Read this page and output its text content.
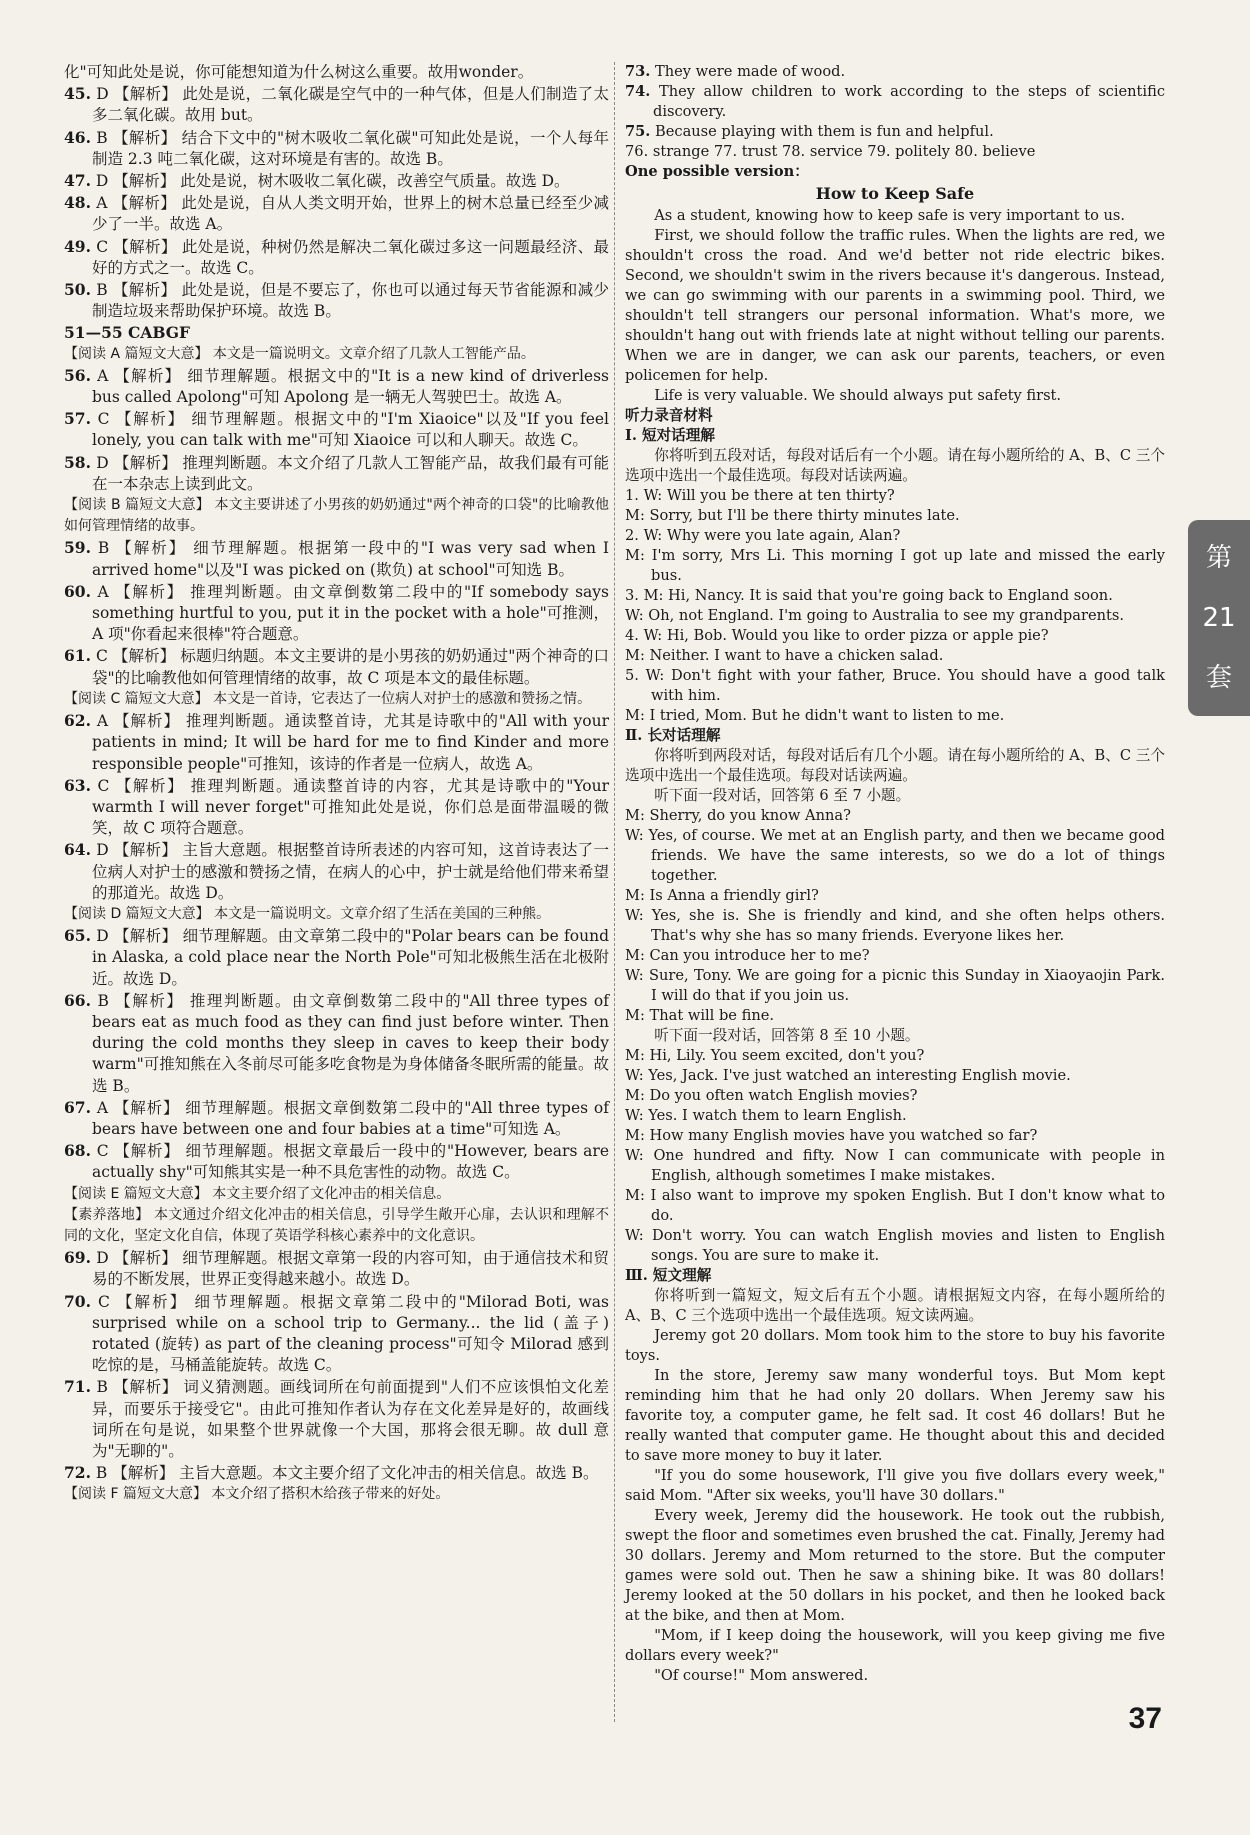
化"可知此处是说，你可能想知道为什么树这么重要。故用wonder。

45. D 【解析】 此处是说，二氧化碳是空气中的一种气体，但是人们制造了太多二氧化碳。故用 but。

46. B 【解析】 结合下文中的"树木吸收二氧化碳"可知此处是说，一个人每年制造 2.3 吨二氧化碳，这对环境是有害的。故选 B。

47. D 【解析】 此处是说，树木吸收二氧化碳，改善空气质量。故选 D。

48. A 【解析】 此处是说，自从人类文明开始，世界上的树木总量已经至少减少了一半。故选 A。

49. C 【解析】 此处是说，种树仍然是解决二氧化碳过多这一问题最经济、最好的方式之一。故选 C。

50. B 【解析】 此处是说，但是不要忘了，你也可以通过每天节省能源和减少制造垃圾来帮助保护环境。故选 B。

51—55 CABGF

【阅读 A 篇短文大意】 本文是一篇说明文。文章介绍了几款人工智能产品。

56. A 【解析】 细节理解题。根据文中的"It is a new kind of driverless bus called Apolong"可知 Apolong 是一辆无人驾驶巴士。故选 A。

57. C 【解析】 细节理解题。根据文中的"I'm Xiaoice"以及"If you feel lonely, you can talk with me"可知 Xiaoice 可以和人聊天。故选 C。

58. D 【解析】 推理判断题。本文介绍了几款人工智能产品，故我们最有可能在一本杂志上读到此文。

【阅读 B 篇短文大意】 本文主要讲述了小男孩的奶奶通过"两个神奇的口袋"的比喻教他如何管理情绪的故事。

59. B 【解析】 细节理解题。根据第一段中的"I was very sad when I arrived home"以及"I was picked on (欺负) at school"可知选 B。

60. A 【解析】 推理判断题。由文章倒数第二段中的"If somebody says something hurtful to you, put it in the pocket with a hole"可推测，A 项"你看起来很棒"符合题意。

61. C 【解析】 标题归纳题。本文主要讲的是小男孩的奶奶通过"两个神奇的口袋"的比喻教他如何管理情绪的故事，故 C 项是本文的最佳标题。

【阅读 C 篇短文大意】 本文是一首诗，它表达了一位病人对护士的感激和赞扬之情。

62. A 【解析】 推理判断题。通读整首诗，尤其是诗歌中的"All with your patients in mind; It will be hard for me to find Kinder and more responsible people"可推知，该诗的作者是一位病人，故选 A。

63. C 【解析】 推理判断题。通读整首诗的内容，尤其是诗歌中的"Your warmth I will never forget"可推知此处是说，你们总是面带温暖的微笑，故 C 项符合题意。

64. D 【解析】 主旨大意题。根据整首诗所表述的内容可知，这首诗表达了一位病人对护士的感激和赞扬之情，在病人的心中，护士就是给他们带来希望的那道光。故选 D。

【阅读 D 篇短文大意】 本文是一篇说明文。文章介绍了生活在美国的三种熊。

65. D 【解析】 细节理解题。由文章第二段中的"Polar bears can be found in Alaska, a cold place near the North Pole"可知北极熊生活在北极附近。故选 D。

66. B 【解析】 推理判断题。由文章倒数第二段中的"All three types of bears eat as much food as they can find just before winter. Then during the cold months they sleep in caves to keep their body warm"可推知熊在入冬前尽可能多吃食物是为身体储备冬眠所需的能量。故选 B。

67. A 【解析】 细节理解题。根据文章倒数第二段中的"All three types of bears have between one and four babies at a time"可知选 A。

68. C 【解析】 细节理解题。根据文章最后一段中的"However, bears are actually shy"可知熊其实是一种不具危害性的动物。故选 C。

【阅读 E 篇短文大意】 本文主要介绍了文化冲击的相关信息。

【素养落地】 本文通过介绍文化冲击的相关信息，引导学生敞开心扉，去认识和理解不同的文化，坚定文化自信，体现了英语学科核心素养中的文化意识。

69. D 【解析】 细节理解题。根据文章第一段的内容可知，由于通信技术和贸易的不断发展，世界正变得越来越小。故选 D。

70. C 【解析】 细节理解题。根据文章第二段中的"Milorad Boti, was surprised while on a school trip to Germany... the lid (盖子) rotated (旋转) as part of the cleaning process"可知令 Milorad 感到吃惊的是，马桶盖能旋转。故选 C。

71. B 【解析】 词义猜测题。画线词所在句前面提到"人们不应该惧怕文化差异，而要乐于接受它"。由此可推知作者认为存在文化差异是好的，故画线词所在句是说，如果整个世界就像一个大国，那将会很无聊。故 dull 意为"无聊的"。

72. B 【解析】 主旨大意题。本文主要介绍了文化冲击的相关信息。故选 B。

【阅读 F 篇短文大意】 本文介绍了搭积木给孩子带来的好处。

73. They were made of wood.

74. They allow children to work according to the steps of scientific discovery.

75. Because playing with them is fun and helpful.

76. strange 77. trust 78. service 79. politely 80. believe

One possible version：

How to Keep Safe

As a student, knowing how to keep safe is very important to us.

First, we should follow the traffic rules. When the lights are red, we shouldn't cross the road. And we'd better not ride electric bikes. Second, we shouldn't swim in the rivers because it's dangerous. Instead, we can go swimming with our parents in a swimming pool. Third, we shouldn't tell strangers our personal information. What's more, we shouldn't hang out with friends late at night without telling our parents. When we are in danger, we can ask our parents, teachers, or even policemen for help.

Life is very valuable. We should always put safety first.

听力录音材料

Ⅰ. 短对话理解

你将听到五段对话，每段对话后有一个小题。请在每小题所给的 A、B、C 三个选项中选出一个最佳选项。每段对话读两遍。

1. W: Will you be there at ten thirty?

M: Sorry, but I'll be there thirty minutes late.

2. W: Why were you late again, Alan?

M: I'm sorry, Mrs Li. This morning I got up late and missed the early bus.

3. M: Hi, Nancy. It is said that you're going back to England soon.

W: Oh, not England. I'm going to Australia to see my grandparents.

4. W: Hi, Bob. Would you like to order pizza or apple pie?

M: Neither. I want to have a chicken salad.

5. W: Don't fight with your father, Bruce. You should have a good talk with him.

M: I tried, Mom. But he didn't want to listen to me.

Ⅱ. 长对话理解

你将听到两段对话，每段对话后有几个小题。请在每小题所给的 A、B、C 三个选项中选出一个最佳选项。每段对话读两遍。

听下面一段对话，回答第 6 至 7 小题。

M: Sherry, do you know Anna?

W: Yes, of course. We met at an English party, and then we became good friends. We have the same interests, so we do a lot of things together.

M: Is Anna a friendly girl?

W: Yes, she is. She is friendly and kind, and she often helps others. That's why she has so many friends. Everyone likes her.

M: Can you introduce her to me?

W: Sure, Tony. We are going for a picnic this Sunday in Xiaoyaojin Park. I will do that if you join us.

M: That will be fine.

听下面一段对话，回答第 8 至 10 小题。

M: Hi, Lily. You seem excited, don't you?

W: Yes, Jack. I've just watched an interesting English movie.

M: Do you often watch English movies?

W: Yes. I watch them to learn English.

M: How many English movies have you watched so far?

W: One hundred and fifty. Now I can communicate with people in English, although sometimes I make mistakes.

M: I also want to improve my spoken English. But I don't know what to do.

W: Don't worry. You can watch English movies and listen to English songs. You are sure to make it.

Ⅲ. 短文理解

你将听到一篇短文，短文后有五个小题。请根据短文内容，在每小题所给的 A、B、C 三个选项中选出一个最佳选项。短文读两遍。

Jeremy got 20 dollars. Mom took him to the store to buy his favorite toys.

In the store, Jeremy saw many wonderful toys. But Mom kept reminding him that he had only 20 dollars. When Jeremy saw his favorite toy, a computer game, he felt sad. It cost 46 dollars! But he really wanted that computer game. He thought about this and decided to save more money to buy it later.

"If you do some housework, I'll give you five dollars every week," said Mom. "After six weeks, you'll have 30 dollars."

Every week, Jeremy did the housework. He took out the rubbish, swept the floor and sometimes even brushed the cat. Finally, Jeremy had 30 dollars. Jeremy and Mom returned to the store. But the computer games were sold out. Then he saw a shining bike. It was 80 dollars! Jeremy looked at the 50 dollars in his pocket, and then he looked back at the bike, and then at Mom.

"Mom, if I keep doing the housework, will you keep giving me five dollars every week?"

"Of course!" Mom answered.

第
21
套
37
